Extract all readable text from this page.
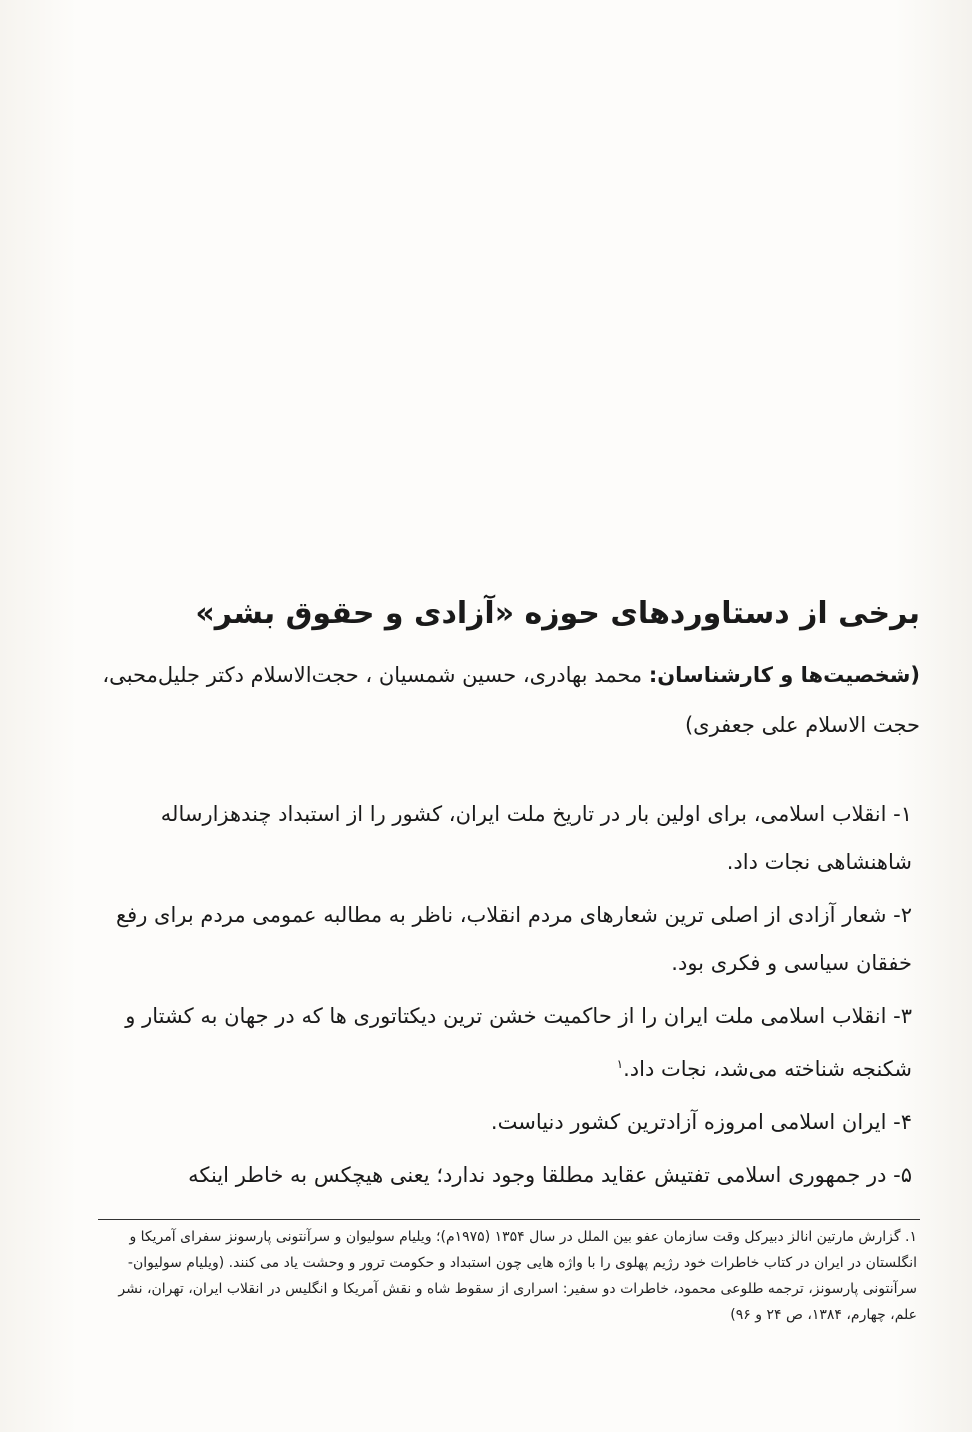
برخی از دستاوردهای حوزه «آزادی و حقوق بشر»
(شخصیت‌ها و کارشناسان: محمد بهادری، حسین شمسیان ، حجت‌الاسلام دکتر جلیل‌محبی، حجت الاسلام علی جعفری)

۱- انقلاب اسلامی، برای اولین بار در تاریخ ملت ایران، کشور را از استبداد چندهزارساله شاهنشاهی نجات داد.

۲- شعار آزادی از اصلی ترین شعارهای مردم انقلاب، ناظر به مطالبه عمومی مردم برای رفع خفقان سیاسی و فکری بود.

۳- انقلاب اسلامی ملت ایران را از حاکمیت خشن ترین دیکتاتوری ها که در جهان به کشتار و شکنجه شناخته می‌شد، نجات داد.$^۱$

۴- ایران اسلامی امروزه آزادترین کشور دنیاست.

۵- در جمهوری اسلامی تفتیش عقاید مطلقا وجود ندارد؛ یعنی هیچکس به خاطر اینکه

۱. گزارش مارتین انالز دبیرکل وقت سازمان عفو بین الملل در سال ۱۳۵۴ (۱۹۷۵م)؛ ویلیام سولیوان و سرآنتونی پارسونز سفرای آمریکا و انگلستان در ایران در کتاب خاطرات خود رژیم پهلوی را با واژه هایی چون استبداد و حکومت ترور و وحشت یاد می کنند. (ویلیام سولیوان- سرآنتونی پارسونز، ترجمه طلوعی محمود، خاطرات دو سفیر: اسراری از سقوط شاه و نقش آمریکا و انگلیس در انقلاب ایران، تهران، نشر علم، چهارم، ۱۳۸۴، ص ۲۴ و ۹۶)
